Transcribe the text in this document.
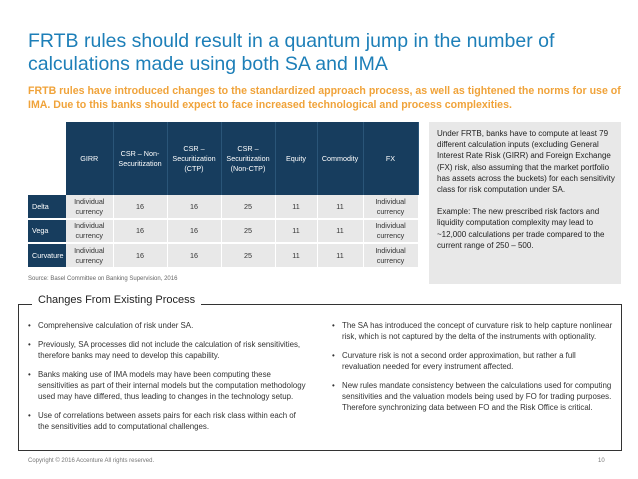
FRTB rules should result in a quantum jump in the number of calculations made using both SA and IMA
FRTB rules have introduced changes to the standardized approach process, as well as tightened the norms for use of IMA. Due to this banks should expect to face increased technological and process complexities.
	GIRR	CSR – Non-Securitization	CSR – Securitization (CTP)	CSR – Securitization (Non-CTP)	Equity	Commodity	FX
Delta	Individual currency	16	16	25	11	11	Individual currency
Vega	Individual currency	16	16	25	11	11	Individual currency
Curvature	Individual currency	16	16	25	11	11	Individual currency
Source: Basel Committee on Banking Supervision, 2016

Under FRTB, banks have to compute at least 79 different calculation inputs (excluding General Interest Rate Risk (GIRR) and Foreign Exchange (FX) risk, also assuming that the market portfolio has assets across the buckets) for each sensitivity class for risk computation under SA.

Example: The new prescribed risk factors and liquidity computation complexity may lead to ~12,000 calculations per trade compared to the current range of 250 – 500.

Changes From Existing Process
• Comprehensive calculation of risk under SA.
• Previously, SA processes did not include the calculation of risk sensitivities, therefore banks may need to develop this capability.
• Banks making use of IMA models may have been computing these sensitivities as part of their internal models but the computation methodology used may have differed, thus leading to changes in the technology setup.
• Use of correlations between assets pairs for each risk class within each of the sensitivities add to computational challenges.
• The SA has introduced the concept of curvature risk to help capture nonlinear risk, which is not captured by the delta of the instruments with optionality.
• Curvature risk is not a second order approximation, but rather a full revaluation needed for every instrument affected.
• New rules mandate consistency between the calculations used for computing sensitivities and the valuation models being used by FO for trading purposes. Therefore synchronizing data between FO and the Risk Office is critical.
Copyright © 2016 Accenture All rights reserved.	10
